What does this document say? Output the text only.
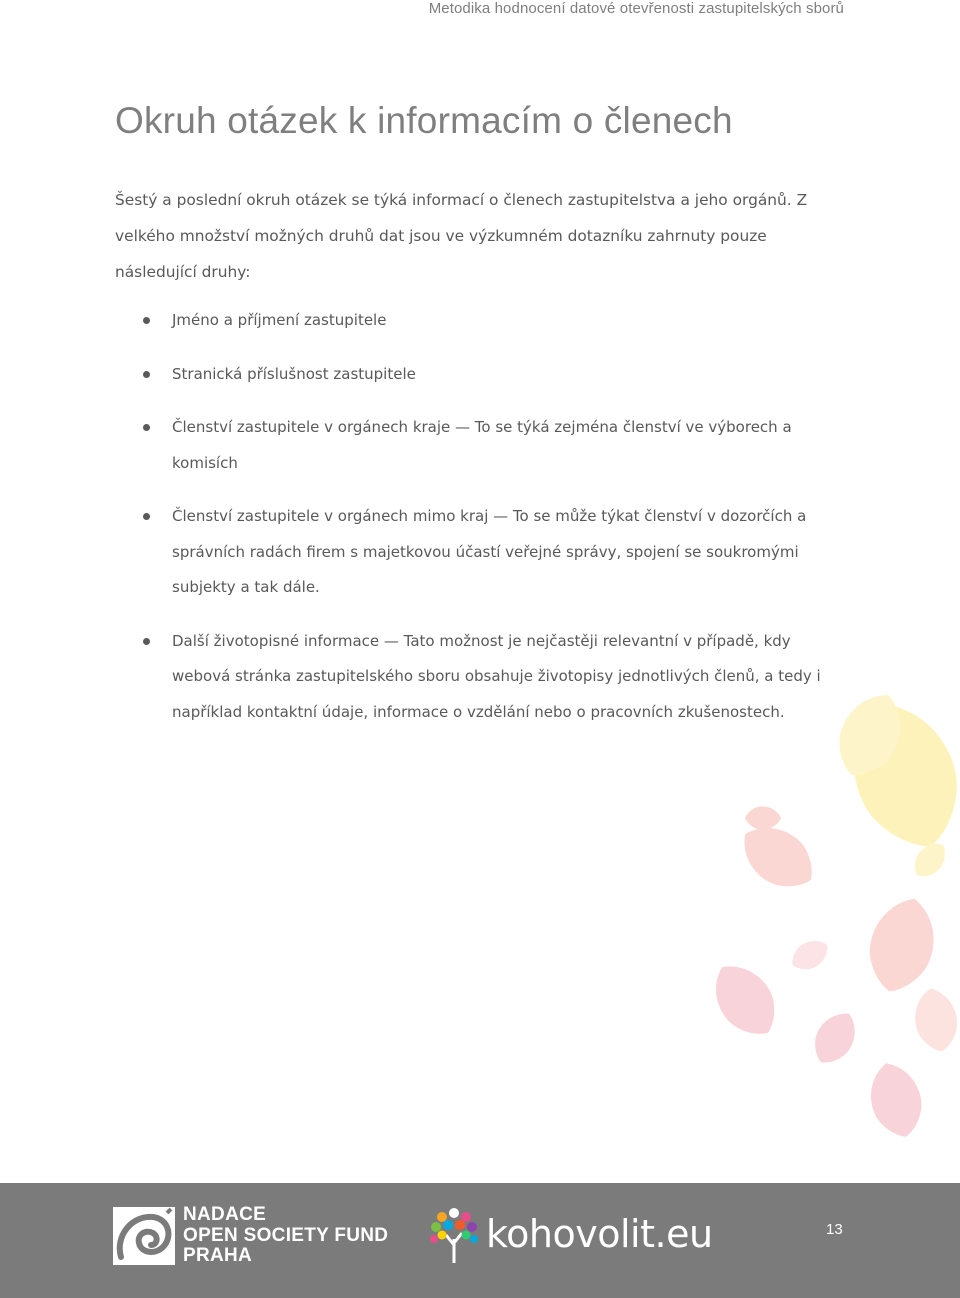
Metodika hodnocení datové otevřenosti zastupitelských sborů
Okruh otázek k informacím o členech

Šestý a poslední okruh otázek se týká informací o členech zastupitelstva a jeho orgánů. Z velkého množství možných druhů dat jsou ve výzkumném dotazníku zahrnuty pouze následující druhy:

Jméno a příjmení zastupitele
Stranická příslušnost zastupitele
Členství zastupitele v orgánech kraje — To se týká zejména členství ve výborech a komisích
Členství zastupitele v orgánech mimo kraj — To se může týkat členství v dozorčích a správních radách firem s majetkovou účastí veřejné správy, spojení se soukromými subjekty a tak dále.
Další životopisné informace — Tato možnost je nejčastěji relevantní v případě, kdy webová stránka zastupitelského sboru obsahuje životopisy jednotlivých členů, a tedy i například kontaktní údaje, informace o vzdělání nebo o pracovních zkušenostech.
NADACE
OPEN SOCIETY FUND
PRAHA	kohovolit.eu	13
